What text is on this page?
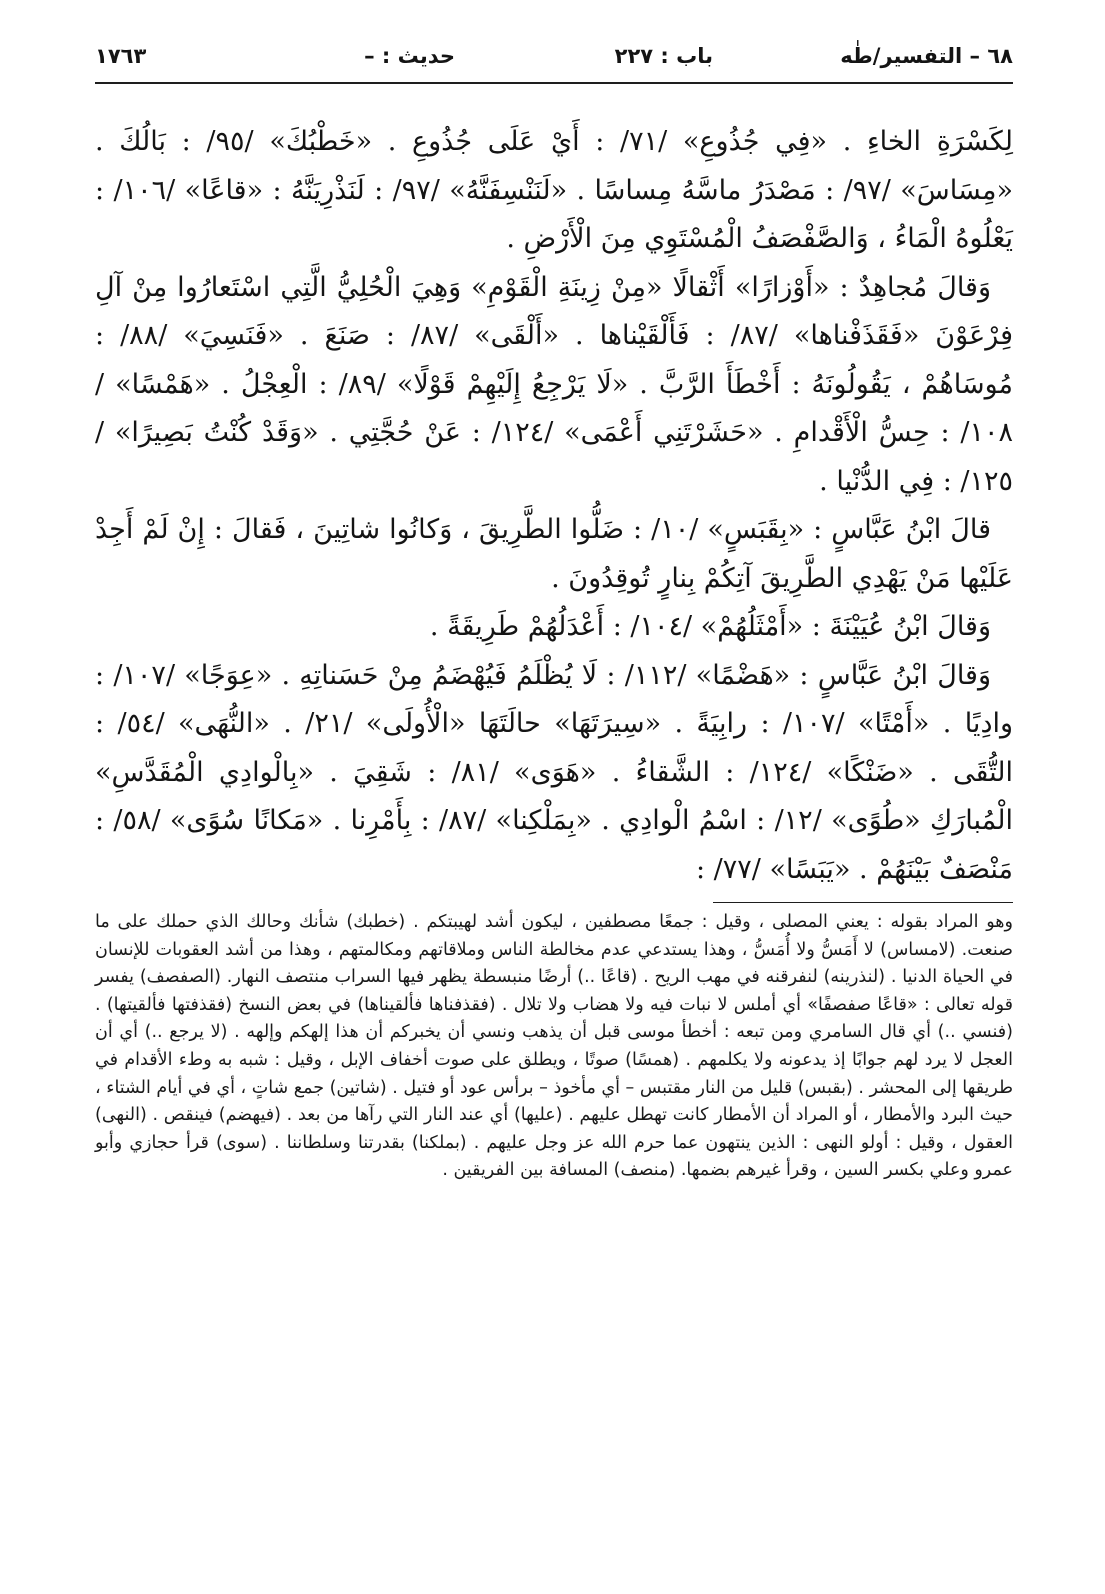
٦٨ – التفسير/طٰه
باب : ٢٢٧
حديث : –
١٧٦٣

لِكَسْرَةِ الخاءِ . «فِي جُذُوعِ» /٧١/ : أَيْ عَلَى جُذُوعِ . «خَطْبُكَ» /٩٥/ : بَالُكَ . «مِسَاسَ» /٩٧/ : مَصْدَرُ ماسَّهُ مِساسًا . «لَنَنْسِفَنَّهُ» /٩٧/ : لَنَذْرِيَنَّهُ : «قاعًا» /١٠٦/ : يَعْلُوهُ الْمَاءُ ، وَالصَّفْصَفُ الْمُسْتَوِي مِنَ الْأَرْضِ .

وَقالَ مُجاهِدٌ : «أَوْزارًا» أَثْقالًا «مِنْ زِينَةِ الْقَوْمِ» وَهِيَ الْحُلِيُّ الَّتِي اسْتَعارُوا مِنْ آلِ فِرْعَوْنَ «فَقَذَفْناها» /٨٧/ : فَأَلْقَيْناها . «أَلْقَى» /٨٧/ : صَنَعَ . «فَنَسِيَ» /٨٨/ : مُوسَاهُمْ ، يَقُولُونَهُ : أَخْطَأَ الرَّبَّ . «لَا يَرْجِعُ إِلَيْهِمْ قَوْلًا» /٨٩/ : الْعِجْلُ . «هَمْسًا» /١٠٨/ : حِسُّ الْأَقْدامِ . «حَشَرْتَنِي أَعْمَى» /١٢٤/ : عَنْ حُجَّتِي . «وَقَدْ كُنْتُ بَصِيرًا» /١٢٥/ : فِي الدُّنْيا .

قالَ ابْنُ عَبَّاسٍ : «بِقَبَسٍ» /١٠/ : ضَلُّوا الطَّرِيقَ ، وَكانُوا شاتِينَ ، فَقالَ : إِنْ لَمْ أَجِدْ عَلَيْها مَنْ يَهْدِي الطَّرِيقَ آتِكُمْ بِنارٍ تُوقِدُونَ .

وَقالَ ابْنُ عُيَيْنَةَ : «أَمْثَلُهُمْ» /١٠٤/ : أَعْدَلُهُمْ طَرِيقَةً .

وَقالَ ابْنُ عَبَّاسٍ : «هَضْمًا» /١١٢/ : لَا يُظْلَمُ فَيُهْضَمُ مِنْ حَسَناتِهِ . «عِوَجًا» /١٠٧/ : وادِيًا . «أَمْتًا» /١٠٧/ : رابِيَةً . «سِيرَتَهَا» حالَتَهَا «الْأُولَى» /٢١/ . «النُّهَى» /٥٤/ : التُّقَى . «ضَنْكًا» /١٢٤/ : الشَّقاءُ . «هَوَى» /٨١/ : شَقِيَ . «بِالْوادِي الْمُقَدَّسِ» الْمُبارَكِ «طُوًى» /١٢/ : اسْمُ الْوادِي . «بِمَلْكِنا» /٨٧/ : بِأَمْرِنا . «مَكانًا سُوًى» /٥٨/ : مَنْصَفٌ بَيْنَهُمْ . «يَبَسًا» /٧٧/ :

وهو المراد بقوله : يعني المصلى ، وقيل : جمعًا مصطفين ، ليكون أشد لهيبتكم . (خطبك) شأنك وحالك الذي حملك على ما صنعت. (لامساس) لا أَمَسُّ ولا أُمَسُّ ، وهذا يستدعي عدم مخالطة الناس وملاقاتهم ومكالمتهم ، وهذا من أشد العقوبات للإنسان في الحياة الدنيا . (لنذرينه) لنفرقنه في مهب الريح . (قاعًا ..) أرضًا منبسطة يظهر فيها السراب منتصف النهار. (الصفصف) يفسر قوله تعالى : «قاعًا صفصفًا» أي أملس لا نبات فيه ولا هضاب ولا تلال . (فقذفناها فألقيناها) في بعض النسخ (فقذفتها فألقيتها) . (فنسي ..) أي قال السامري ومن تبعه : أخطأ موسى قبل أن يذهب ونسي أن يخبركم أن هذا إلهكم وإلهه . (لا يرجع ..) أي أن العجل لا يرد لهم جوابًا إذ يدعونه ولا يكلمهم . (همسًا) صوتًا ، ويطلق على صوت أخفاف الإبل ، وقيل : شبه به وطء الأقدام في طريقها إلى المحشر . (بقبس) قليل من النار مقتبس – أي مأخوذ – برأس عود أو فتيل . (شاتين) جمع شاتٍ ، أي في أيام الشتاء ، حيث البرد والأمطار ، أو المراد أن الأمطار كانت تهطل عليهم . (عليها) أي عند النار التي رآها من بعد . (فيهضم) فينقص . (النهى) العقول ، وقيل : أولو النهى : الذين ينتهون عما حرم الله عز وجل عليهم . (بملكنا) بقدرتنا وسلطاننا . (سوى) قرأ حجازي وأبو عمرو وعلي بكسر السين ، وقرأ غيرهم بضمها. (منصف) المسافة بين الفريقين .
